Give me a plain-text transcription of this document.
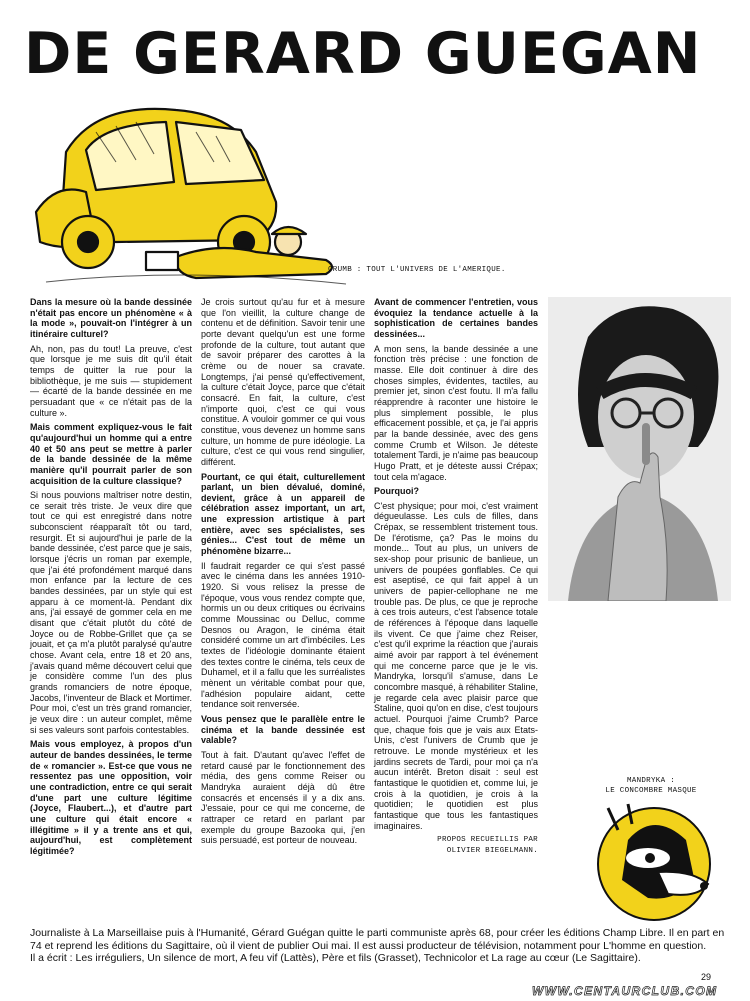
DE GERARD GUEGAN
CRUMB : TOUT L'UNIVERS DE L'AMERIQUE.

Dans la mesure où la bande dessinée n'était pas encore un phénomène « à la mode », pouvait-on l'intégrer à un itinéraire culturel?

Ah, non, pas du tout! La preuve, c'est que lorsque je me suis dit qu'il était temps de quitter la rue pour la bibliothèque, je me suis — stupidement — écarté de la bande dessinée en me persuadant que « ce n'était pas de la culture ».

Mais comment expliquez-vous le fait qu'aujourd'hui un homme qui a entre 40 et 50 ans peut se mettre à parler de la bande dessinée de la même manière qu'il pourrait parler de son acquisition de la culture classique?

Si nous pouvions maîtriser notre destin, ce serait très triste. Je veux dire que tout ce qui est enregistré dans notre subconscient réapparaît tôt ou tard, resurgit. Et si aujourd'hui je parle de la bande dessinée, c'est parce que je sais, lorsque j'écris un roman par exemple, que j'ai été profondément marqué dans mon enfance par la lecture de ces bandes dessinées, par un style qui est apparu à ce moment-là. Pendant dix ans, j'ai essayé de gommer cela en me disant que c'était plutôt du côté de Joyce ou de Robbe-Grillet que ça se jouait, et ça m'a plutôt paralysé qu'autre chose. Avant cela, entre 18 et 20 ans, j'avais quand même découvert celui que je considère comme l'un des plus grands romanciers de notre époque, Jacobs, l'inventeur de Black et Mortimer. Pour moi, c'est un très grand romancier, je veux dire : un auteur complet, même si ses valeurs sont parfois contestables.

Mais vous employez, à propos d'un auteur de bandes dessinées, le terme de « romancier ». Est-ce que vous ne ressentez pas une opposition, voir une contradiction, entre ce qui serait d'une part une culture légitime (Joyce, Flaubert...), et d'autre part une culture qui était encore « illégitime » il y a trente ans et qui, aujourd'hui, est complètement légitimée?

Je crois surtout qu'au fur et à mesure que l'on vieillit, la culture change de contenu et de définition. Savoir tenir une porte devant quelqu'un est une forme profonde de la culture, tout autant que de savoir préparer des carottes à la crème ou de nouer sa cravate. Longtemps, j'ai pensé qu'effectivement, la culture c'était Joyce, parce que c'était consacré. En fait, la culture, c'est n'importe quoi, c'est ce qui vous constitue. A vouloir gommer ce qui vous constitue, vous devenez un homme sans culture, un homme de pure idéologie. La culture, c'est ce qui vous rend singulier, différent.

Pourtant, ce qui était, culturellement parlant, un bien dévalué, dominé, devient, grâce à un appareil de célébration assez important, un art, une expression artistique à part entière, avec ses spécialistes, ses génies... C'est tout de même un phénomène bizarre...

Il faudrait regarder ce qui s'est passé avec le cinéma dans les années 1910-1920. Si vous relisez la presse de l'époque, vous vous rendez compte que, hormis un ou deux critiques ou écrivains comme Moussinac ou Delluc, comme Desnos ou Aragon, le cinéma était considéré comme un art d'imbéciles. Les textes de l'idéologie dominante étaient des textes contre le cinéma, tels ceux de Duhamel, et il a fallu que les surréalistes mènent un véritable combat pour que, l'adhésion populaire aidant, cette tendance soit renversée.

Vous pensez que le parallèle entre le cinéma et la bande dessinée est valable?

Tout à fait. D'autant qu'avec l'effet de retard causé par le fonctionnement des média, des gens comme Reiser ou Mandryka auraient déjà dû être consacrés et encensés il y a dix ans. J'essaie, pour ce qui me concerne, de rattraper ce retard en parlant par exemple du groupe Bazooka qui, j'en suis persuadé, est porteur de nouveau.

Avant de commencer l'entretien, vous évoquiez la tendance actuelle à la sophistication de certaines bandes dessinées...

A mon sens, la bande dessinée a une fonction très précise : une fonction de masse. Elle doit continuer à dire des choses simples, évidentes, tactiles, au premier jet, sinon c'est foutu. Il m'a fallu réapprendre à raconter une histoire le plus simplement possible, le plus efficacement possible, et ça, je l'ai appris par la bande dessinée, avec des gens comme Crumb et Wilson. Je déteste totalement Tardi, je n'aime pas beaucoup Hugo Pratt, et je déteste aussi Crépax; tout cela m'agace.

Pourquoi?

C'est physique; pour moi, c'est vraiment dégueulasse. Les culs de filles, dans Crépax, se ressemblent tristement tous. De l'érotisme, ça? Pas le moins du monde... Tout au plus, un univers de sex-shop pour prisunic de banlieue, un univers de poupées gonflables. Ce qui est aseptisé, ce qui fait appel à un univers de papier-cellophane ne me trouble pas. De plus, ce que je reproche à ces trois auteurs, c'est l'absence totale de références à l'époque dans laquelle ils vivent. Ce que j'aime chez Reiser, c'est qu'il exprime la réaction que j'aurais aimé avoir par rapport à tel événement qui me concerne parce que je le vis. Mandryka, lorsqu'il s'amuse, dans Le concombre masqué, à réhabiliter Staline, je regarde cela avec plaisir parce que Staline, quoi qu'on en dise, c'est toujours actuel. Pourquoi j'aime Crumb? Parce que, chaque fois que je vais aux Etats-Unis, c'est l'univers de Crumb que je retrouve. Le monde mystérieux et les jardins secrets de Tardi, pour moi ça n'a aucun intérêt. Breton disait : seul est fantastique le quotidien et, comme lui, je crois à la quotidien, je crois à la quotidien; le quotidien est plus fantastique que tous les fantastiques imaginaires.

PROPOS RECUEILLIS PAR
OLIVIER BIEGELMANN.
MANDRYKA :
LE CONCOMBRE MASQUE

Journaliste à La Marseillaise puis à l'Humanité, Gérard Guégan quitte le parti communiste après 68, pour créer les éditions Champ Libre. Il en part en 74 et reprend les éditions du Sagittaire, où il vient de publier Oui mai. Il est aussi producteur de télévision, notamment pour L'homme en question.

Il a écrit : Les irréguliers, Un silence de mort, A feu vif (Lattès), Père et fils (Grasset), Technicolor et La rage au cœur (Le Sagittaire).

29
WWW.CENTAURCLUB.COM
